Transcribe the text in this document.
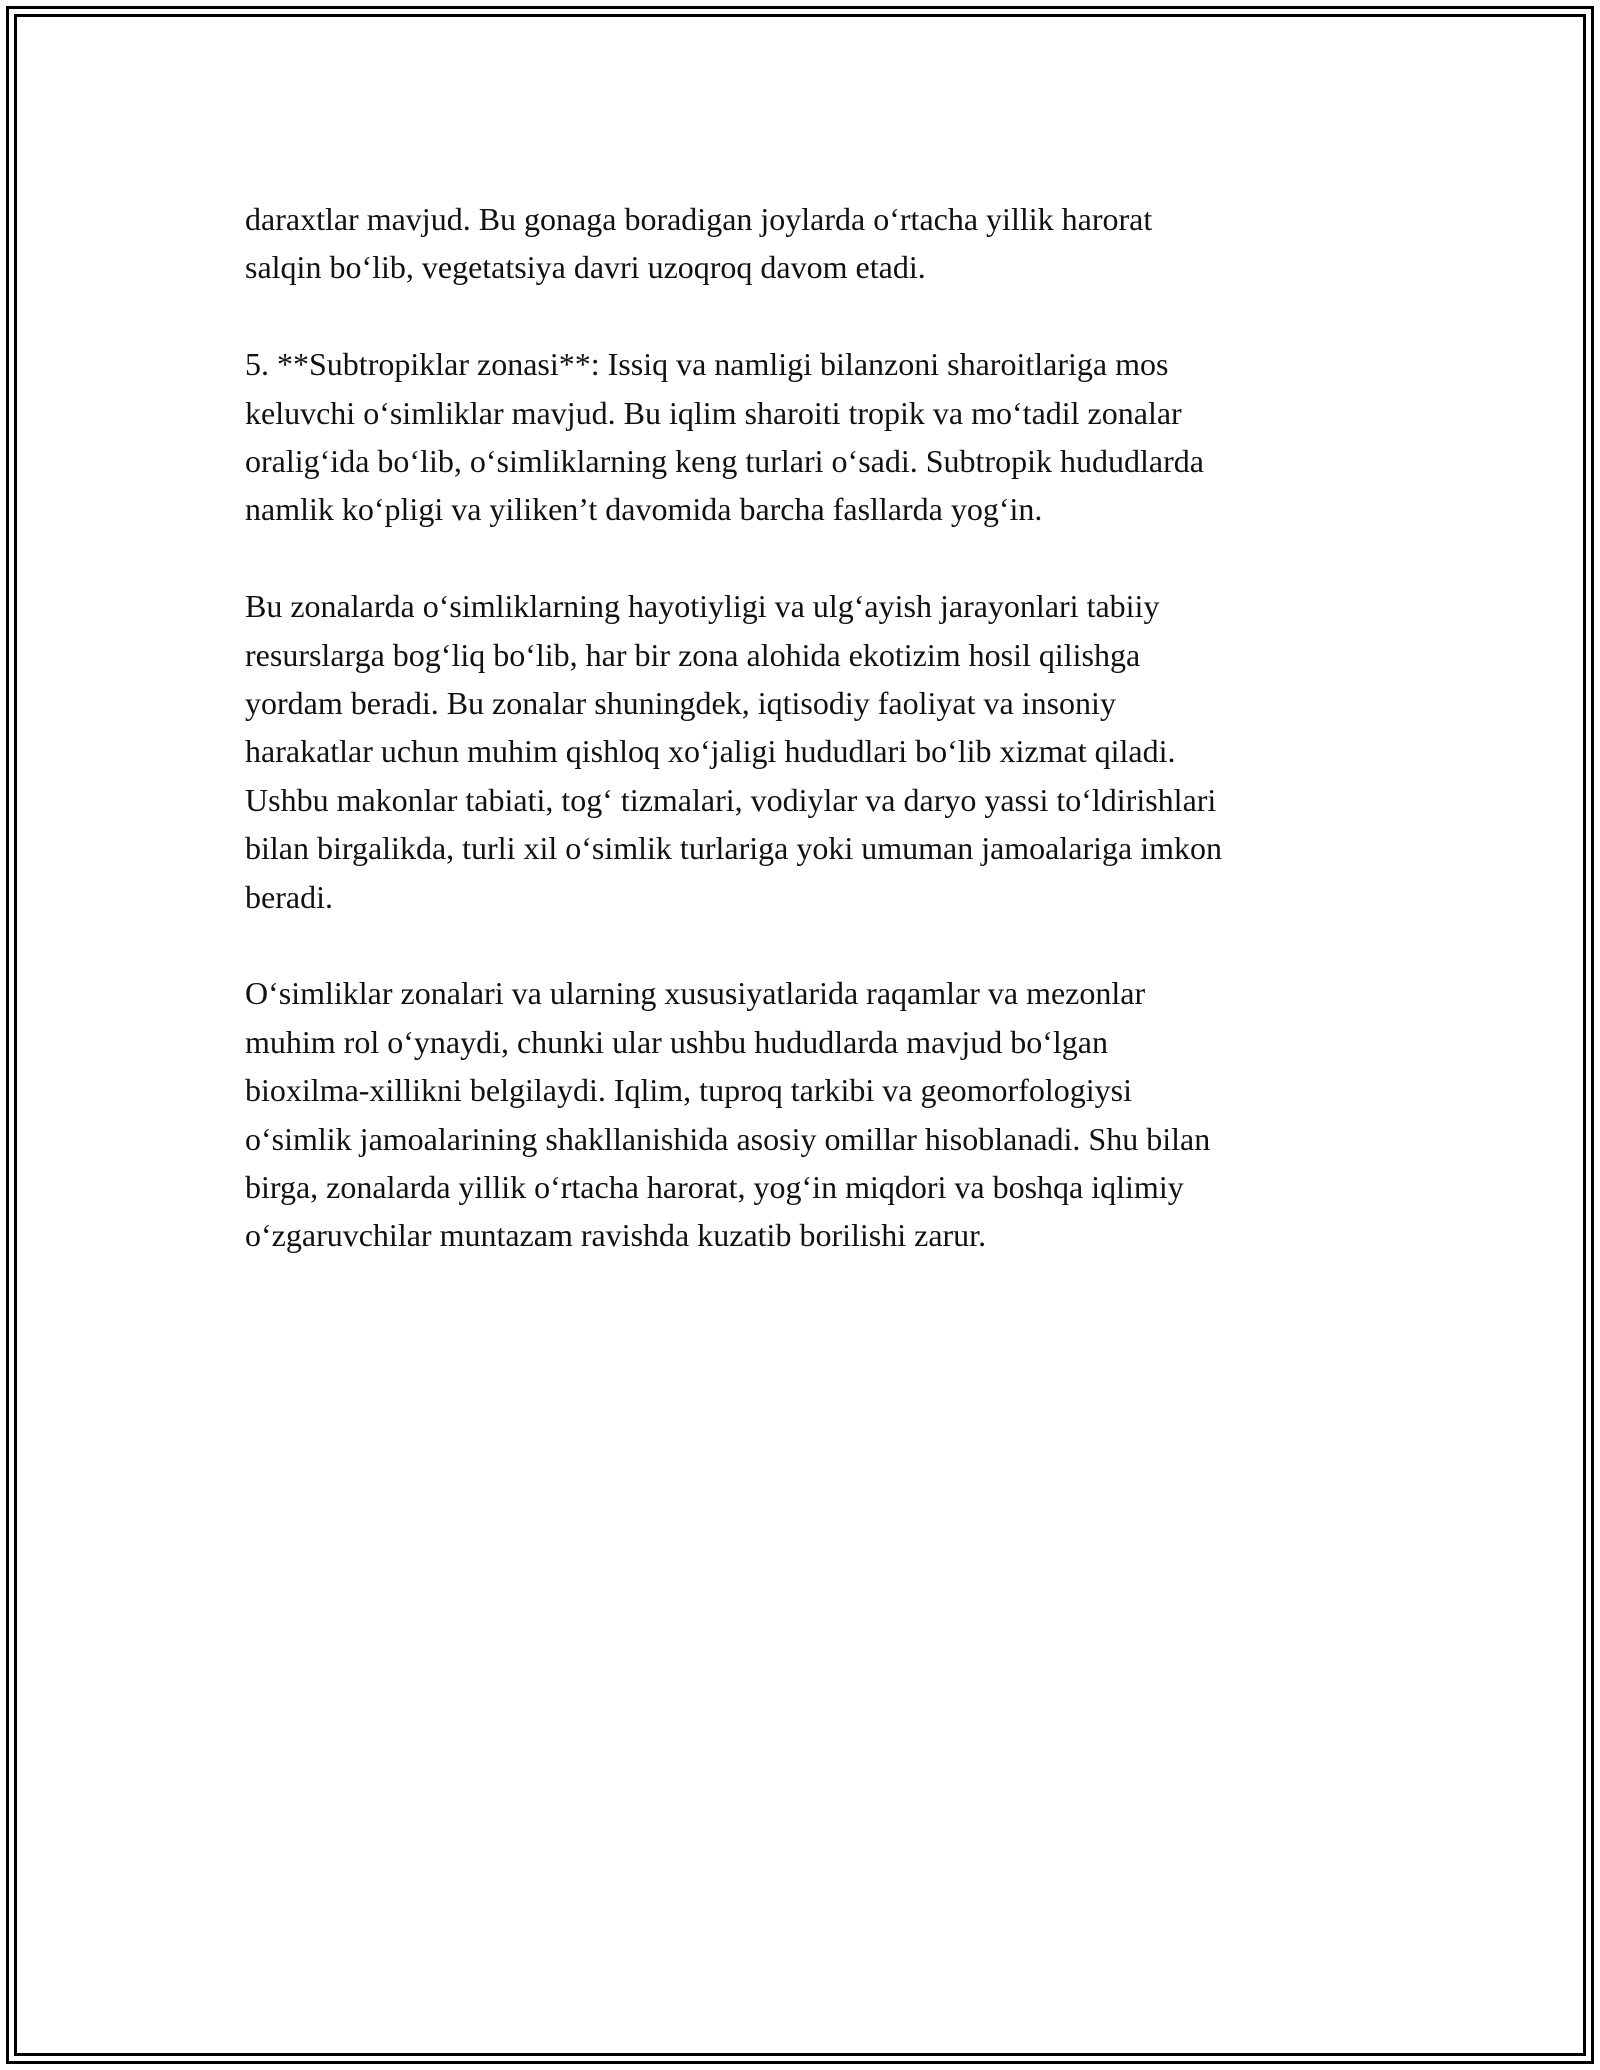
daraxtlar mavjud. Bu gonaga boradigan joylarda o‘rtacha yillik harorat
salqin bo‘lib, vegetatsiya davri uzoqroq davom etadi.

5. **Subtropiklar zonasi**: Issiq va namligi bilanzoni sharoitlariga mos
keluvchi o‘simliklar mavjud. Bu iqlim sharoiti tropik va mo‘tadil zonalar
oralig‘ida bo‘lib, o‘simliklarning keng turlari o‘sadi. Subtropik hududlarda
namlik ko‘pligi va yiliken’t davomida barcha fasllarda yog‘in.

Bu zonalarda o‘simliklarning hayotiyligi va ulg‘ayish jarayonlari tabiiy
resurslarga bog‘liq bo‘lib, har bir zona alohida ekotizim hosil qilishga
yordam beradi. Bu zonalar shuningdek, iqtisodiy faoliyat va insoniy
harakatlar uchun muhim qishloq xo‘jaligi hududlari bo‘lib xizmat qiladi.
Ushbu makonlar tabiati, tog‘ tizmalari, vodiylar va daryo yassi to‘ldirishlari
bilan birgalikda, turli xil o‘simlik turlariga yoki umuman jamoalariga imkon
beradi.

O‘simliklar zonalari va ularning xususiyatlarida raqamlar va mezonlar
muhim rol o‘ynaydi, chunki ular ushbu hududlarda mavjud bo‘lgan
bioxilma-xillikni belgilaydi. Iqlim, tuproq tarkibi va geomorfologiysi
o‘simlik jamoalarining shakllanishida asosiy omillar hisoblanadi. Shu bilan
birga, zonalarda yillik o‘rtacha harorat, yog‘in miqdori va boshqa iqlimiy
o‘zgaruvchilar muntazam ravishda kuzatib borilishi zarur.
